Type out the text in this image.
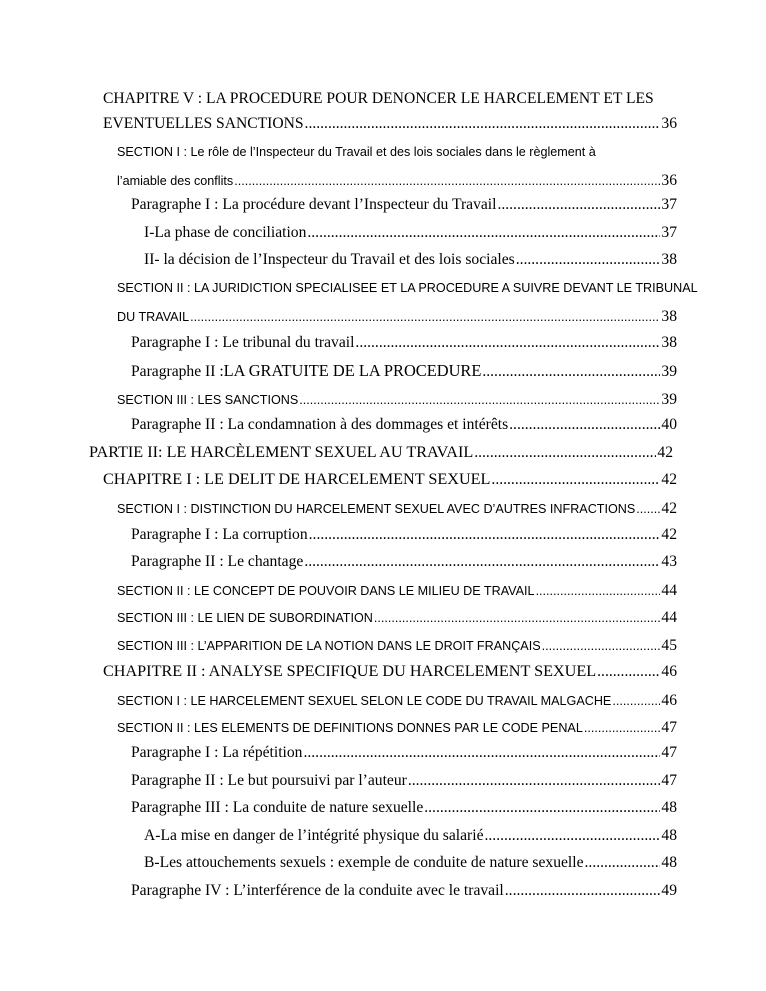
CHAPITRE V : LA PROCEDURE POUR DENONCER LE HARCELEMENT ET LES
EVENTUELLES SANCTIONS .....	36
SECTION I : Le rôle de l’Inspecteur du Travail et des lois sociales dans le règlement à
l’amiable des conflits .....	36
Paragraphe I : La procédure devant l’Inspecteur du Travail .....	37
I- La phase de conciliation .....	37
II- la décision de l’Inspecteur du Travail et des lois sociales .....	38
SECTION II : LA JURIDICTION SPECIALISEE ET LA PROCEDURE A SUIVRE DEVANT LE TRIBUNAL
DU TRAVAIL .....	38
Paragraphe I : Le tribunal du travail .....	38
Paragraphe II : LA GRATUITE DE LA PROCEDURE .....	39
SECTION III : LES SANCTIONS .....	39
Paragraphe II : La condamnation à des dommages et intérêts .....	40
PARTIE II: LE HARCÈLEMENT SEXUEL AU TRAVAIL .....	42
CHAPITRE I : LE DELIT DE HARCELEMENT SEXUEL .....	42
SECTION I : DISTINCTION DU HARCELEMENT SEXUEL AVEC D’AUTRES INFRACTIONS ..... 42
Paragraphe I : La corruption .....	42
Paragraphe II : Le chantage .....	43
SECTION II : LE CONCEPT DE POUVOIR DANS LE MILIEU DE TRAVAIL .....	44
SECTION III : LE LIEN DE SUBORDINATION .....	44
SECTION III : L’APPARITION DE LA NOTION DANS LE DROIT FRANÇAIS .....	45
CHAPITRE II : ANALYSE SPECIFIQUE DU HARCELEMENT SEXUEL .....	46
SECTION I : LE HARCELEMENT SEXUEL SELON LE CODE DU TRAVAIL MALGACHE .....	46
SECTION II : LES ELEMENTS DE DEFINITIONS DONNES PAR LE CODE PENAL .....	47
Paragraphe I : La répétition .....	47
Paragraphe II : Le but poursuivi par l’auteur .....	47
Paragraphe III : La conduite de nature sexuelle .....	48
A- La mise en danger de l’intégrité physique du salarié .....	48
B- Les attouchements sexuels : exemple de conduite de nature sexuelle .....	48
Paragraphe IV : L’interférence de la conduite avec le travail .....	49
